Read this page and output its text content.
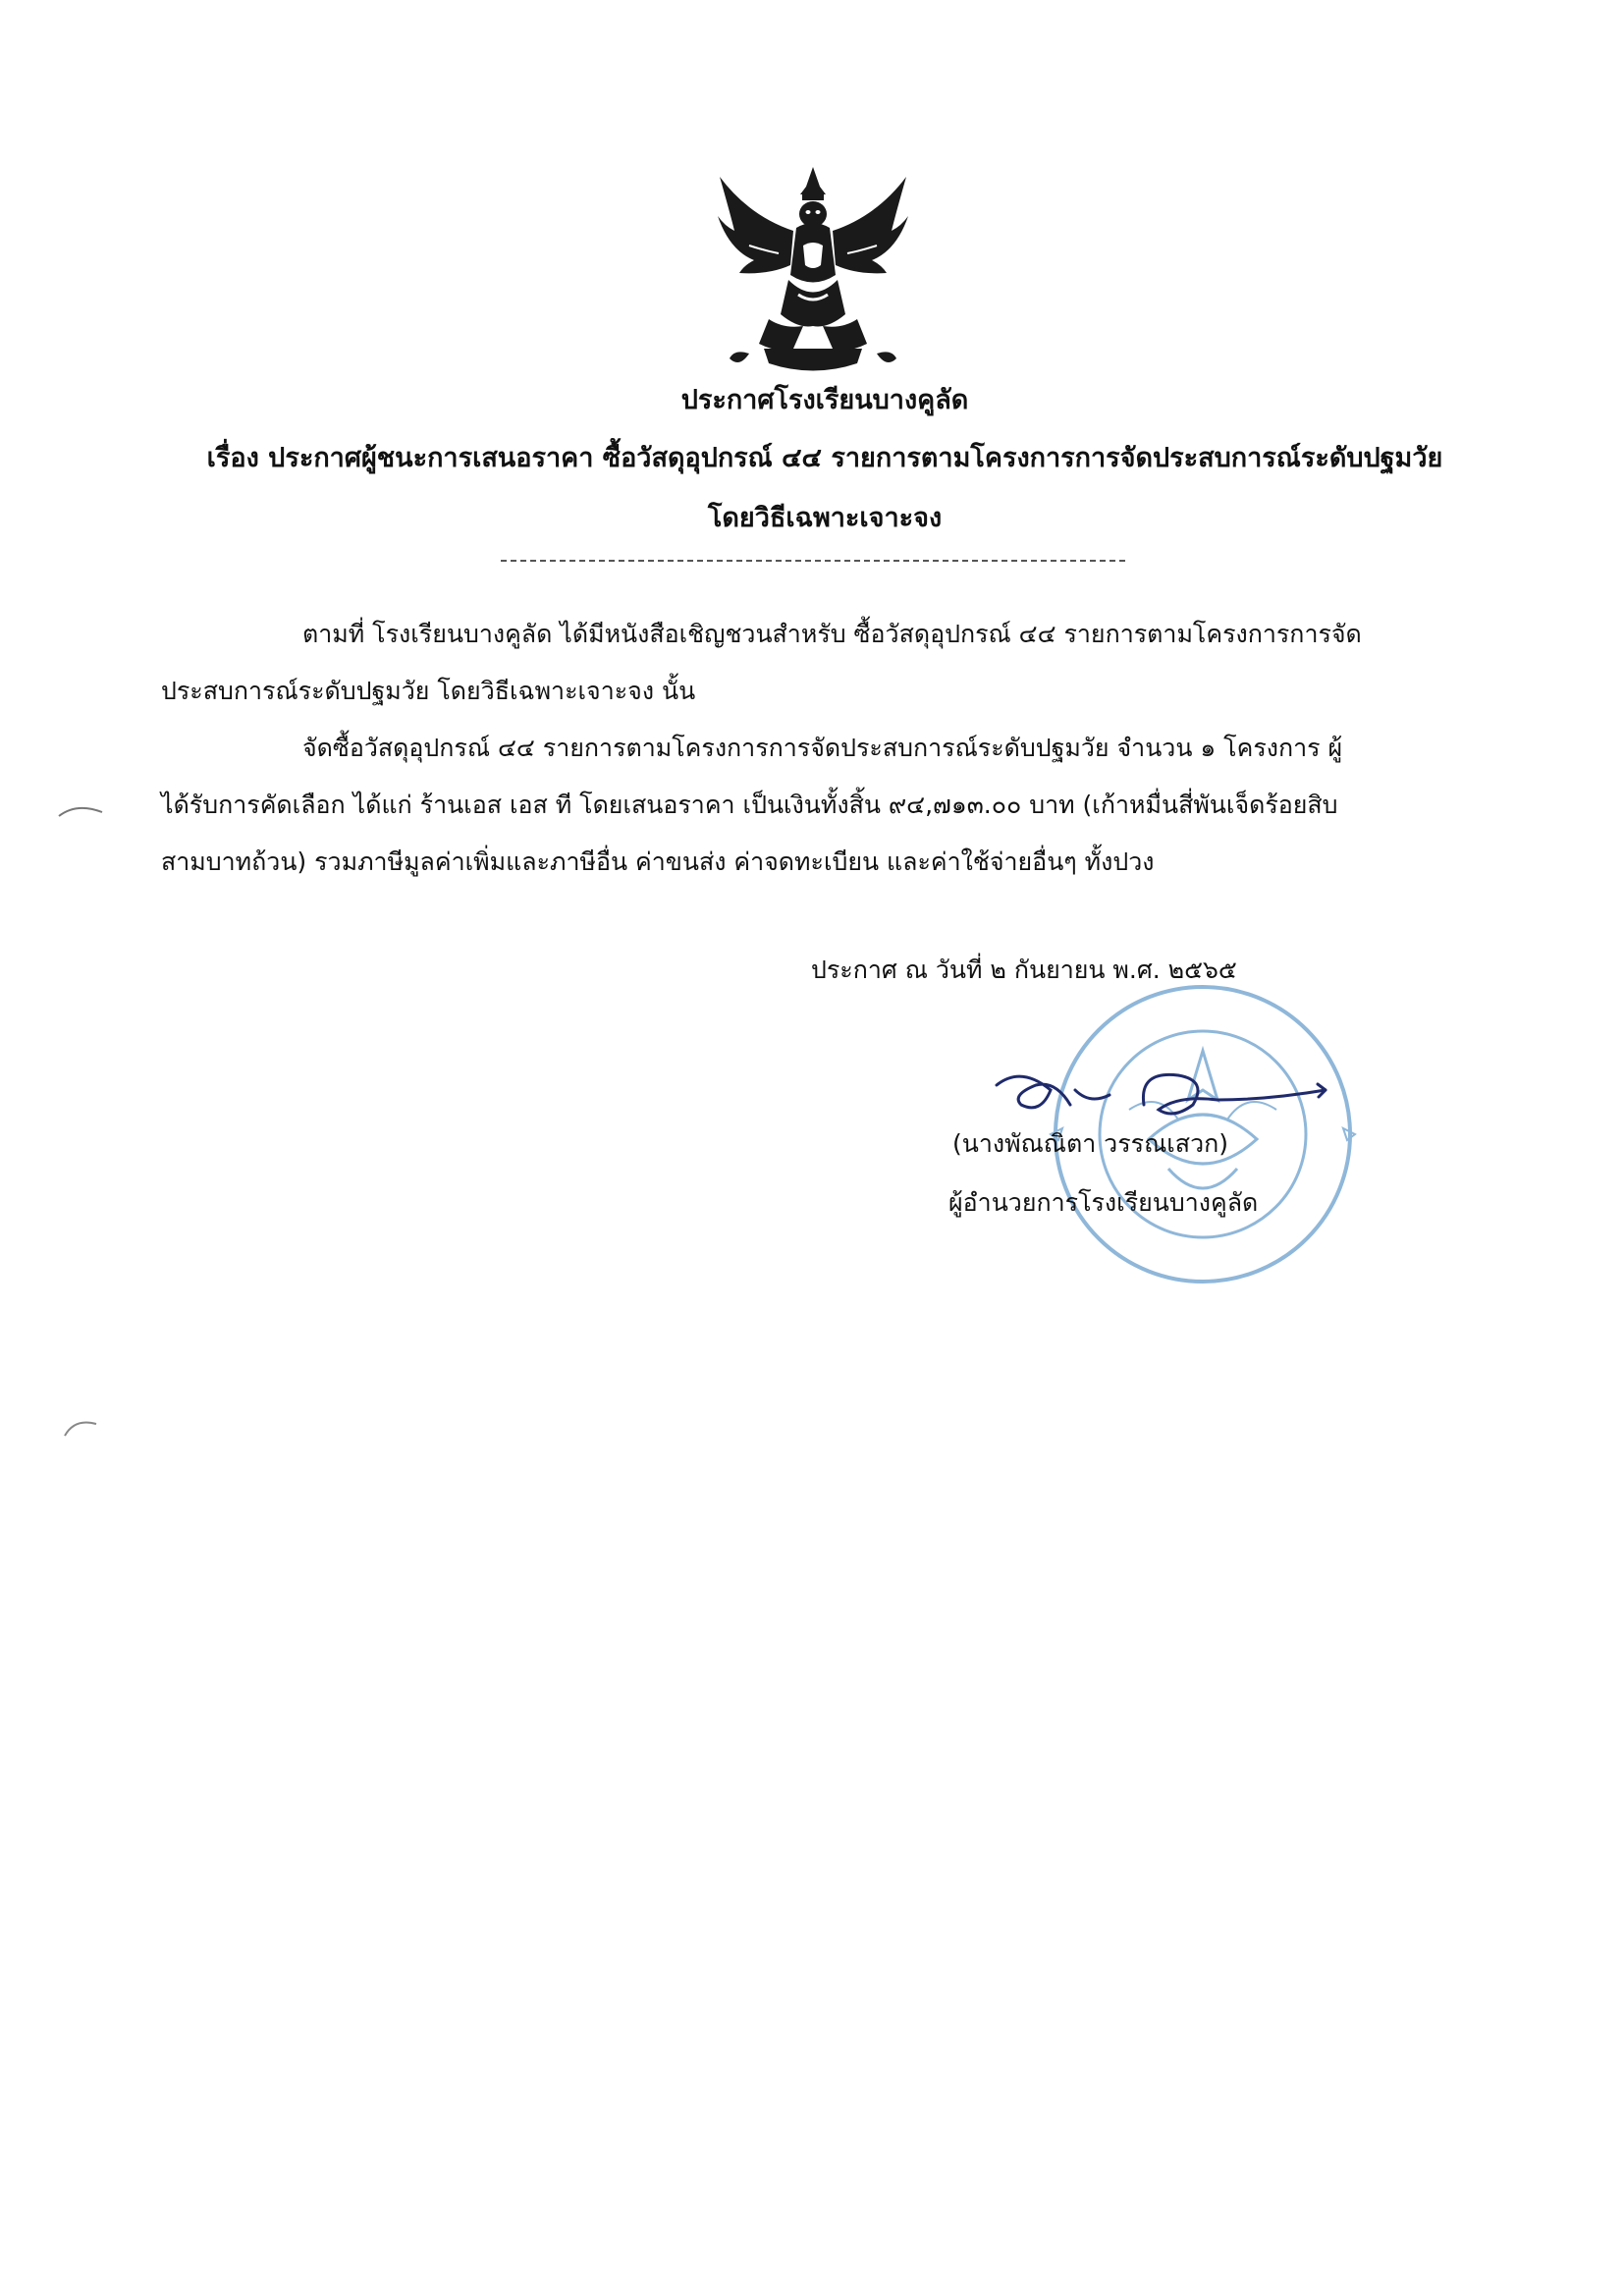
ประกาศโรงเรียนบางคูลัด
เรื่อง ประกาศผู้ชนะการเสนอราคา ซื้อวัสดุอุปกรณ์ ๔๔ รายการตามโครงการการจัดประสบการณ์ระดับปฐมวัย
โดยวิธีเฉพาะเจาะจง
ตามที่ โรงเรียนบางคูลัด ได้มีหนังสือเชิญชวนสำหรับ ซื้อวัสดุอุปกรณ์ ๔๔ รายการตามโครงการการจัด
ประสบการณ์ระดับปฐมวัย โดยวิธีเฉพาะเจาะจง นั้น
จัดซื้อวัสดุอุปกรณ์ ๔๔ รายการตามโครงการการจัดประสบการณ์ระดับปฐมวัย จำนวน ๑ โครงการ ผู้
ได้รับการคัดเลือก ได้แก่ ร้านเอส เอส ที โดยเสนอราคา เป็นเงินทั้งสิ้น ๙๔,๗๑๓.๐๐ บาท (เก้าหมื่นสี่พันเจ็ดร้อยสิบ
สามบาทถ้วน) รวมภาษีมูลค่าเพิ่มและภาษีอื่น ค่าขนส่ง ค่าจดทะเบียน และค่าใช้จ่ายอื่นๆ ทั้งปวง
ประกาศ ณ วันที่ ๒ กันยายน พ.ศ. ๒๕๖๕
(นางพัณณิตา วรรณเสวก)
ผู้อำนวยการโรงเรียนบางคูลัด
